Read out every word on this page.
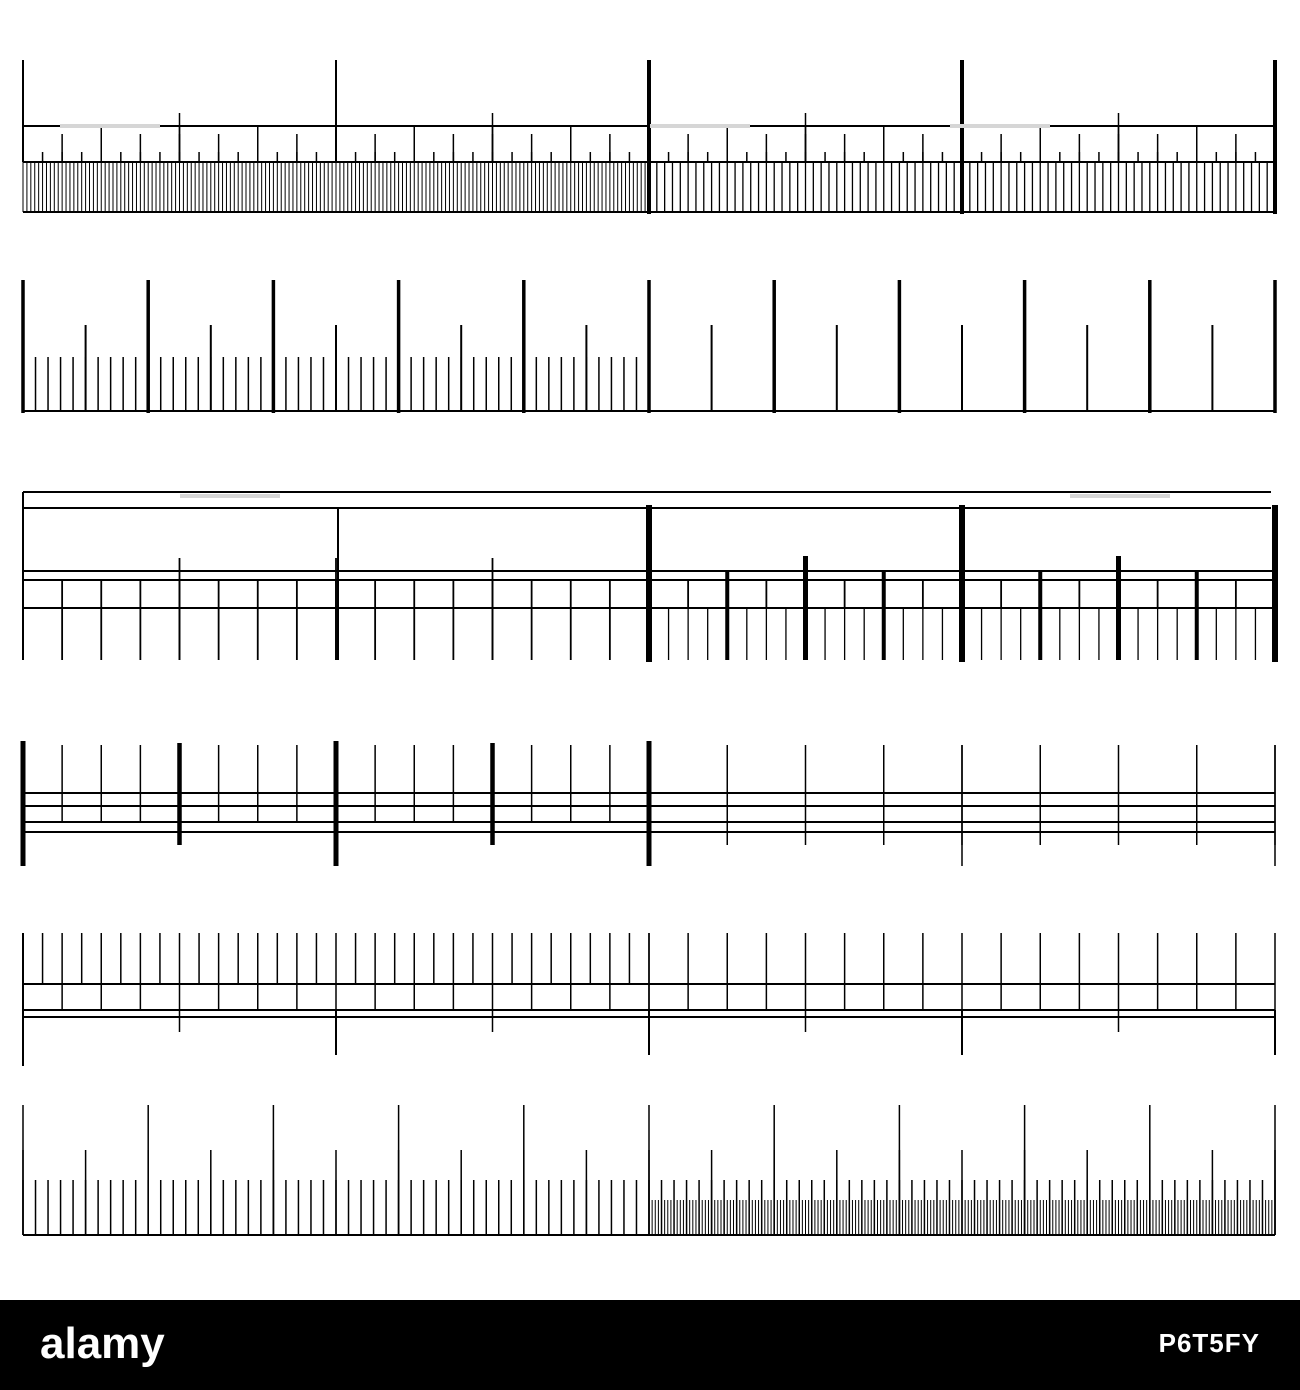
alamy	P6T5FY
